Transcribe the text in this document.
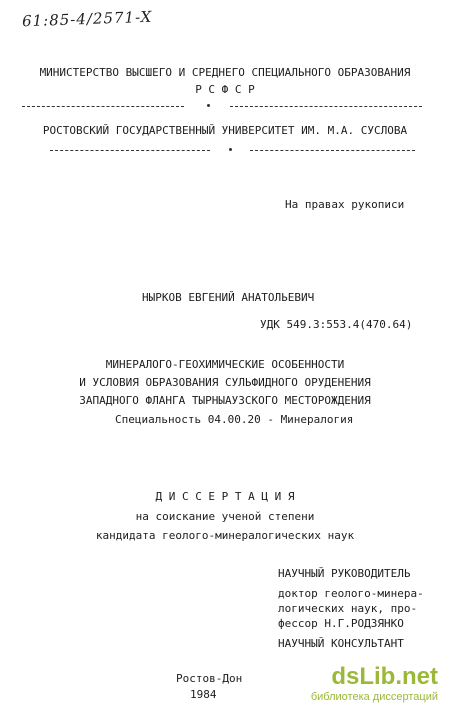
61:85-4/2571-X
МИНИСТЕРСТВО ВЫСШЕГО И СРЕДНЕГО СПЕЦИАЛЬНОГО ОБРАЗОВАНИЯ
Р С Ф С Р
РОСТОВСКИЙ ГОСУДАРСТВЕННЫЙ УНИВЕРСИТЕТ ИМ. М.А. СУСЛОВА
На правах рукописи
НЫРКОВ ЕВГЕНИЙ АНАТОЛЬЕВИЧ
УДК 549.3:553.4(470.64)
МИНЕРАЛОГО-ГЕОХИМИЧЕСКИЕ ОСОБЕННОСТИ
И УСЛОВИЯ ОБРАЗОВАНИЯ СУЛЬФИДНОГО ОРУДЕНЕНИЯ
ЗАПАДНОГО ФЛАНГА ТЫРНЫАУЗСКОГО МЕСТОРОЖДЕНИЯ
Специальность 04.00.20 - Минералогия
Д И С С Е Р Т А Ц И Я
на соискание ученой степени
кандидата геолого-минералогических наук
НАУЧНЫЙ РУКОВОДИТЕЛЬ
доктор геолого-минера-
логических наук, про-
фессор Н.Г.РОДЗЯНКО
НАУЧНЫЙ КОНСУЛЬТАНТ
Ростов-Дон
1984
dsLib.net
библиотека диссертаций
